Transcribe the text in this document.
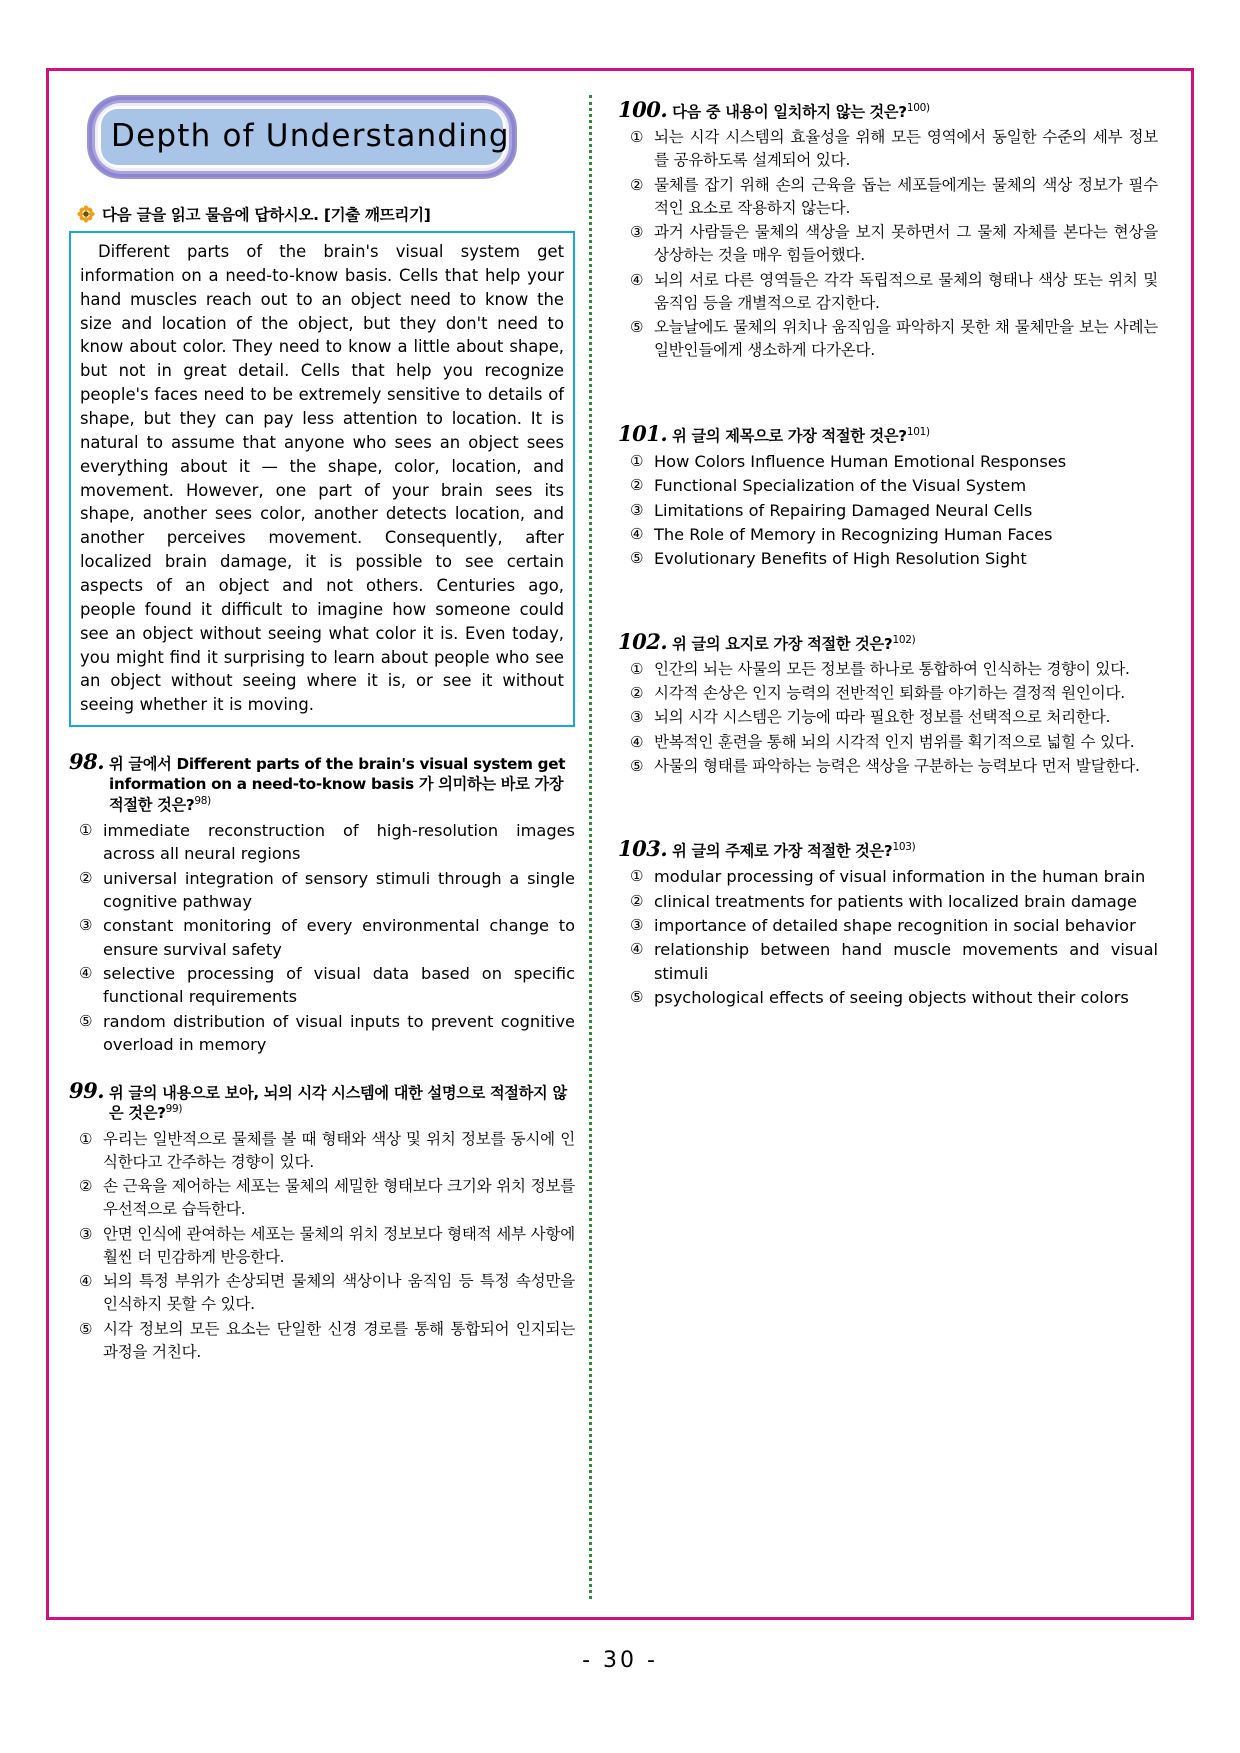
Depth of Understanding
다음 글을 읽고 물음에 답하시오. [기출 깨뜨리기]
Different parts of the brain's visual system get information on a need-to-know basis. Cells that help your hand muscles reach out to an object need to know the size and location of the object, but they don't need to know about color. They need to know a little about shape, but not in great detail. Cells that help you recognize people's faces need to be extremely sensitive to details of shape, but they can pay less attention to location. It is natural to assume that anyone who sees an object sees everything about it — the shape, color, location, and movement. However, one part of your brain sees its shape, another sees color, another detects location, and another perceives movement. Consequently, after localized brain damage, it is possible to see certain aspects of an object and not others. Centuries ago, people found it difficult to imagine how someone could see an object without seeing what color it is. Even today, you might find it surprising to learn about people who see an object without seeing where it is, or see it without seeing whether it is moving.
98. 위 글에서 Different parts of the brain's visual system get information on a need-to-know basis 가 의미하는 바로 가장 적절한 것은?$^{98)}$
① immediate reconstruction of high-resolution images across all neural regions
② universal integration of sensory stimuli through a single cognitive pathway
③ constant monitoring of every environmental change to ensure survival safety
④ selective processing of visual data based on specific functional requirements
⑤ random distribution of visual inputs to prevent cognitive overload in memory
99. 위 글의 내용으로 보아, 뇌의 시각 시스템에 대한 설명으로 적절하지 않은 것은?$^{99)}$
① 우리는 일반적으로 물체를 볼 때 형태와 색상 및 위치 정보를 동시에 인식한다고 간주하는 경향이 있다.
② 손 근육을 제어하는 세포는 물체의 세밀한 형태보다 크기와 위치 정보를 우선적으로 습득한다.
③ 안면 인식에 관여하는 세포는 물체의 위치 정보보다 형태적 세부 사항에 훨씬 더 민감하게 반응한다.
④ 뇌의 특정 부위가 손상되면 물체의 색상이나 움직임 등 특정 속성만을 인식하지 못할 수 있다.
⑤ 시각 정보의 모든 요소는 단일한 신경 경로를 통해 통합되어 인지되는 과정을 거친다.
100. 다음 중 내용이 일치하지 않는 것은?$^{100)}$
① 뇌는 시각 시스템의 효율성을 위해 모든 영역에서 동일한 수준의 세부 정보를 공유하도록 설계되어 있다.
② 물체를 잡기 위해 손의 근육을 돕는 세포들에게는 물체의 색상 정보가 필수적인 요소로 작용하지 않는다.
③ 과거 사람들은 물체의 색상을 보지 못하면서 그 물체 자체를 본다는 현상을 상상하는 것을 매우 힘들어했다.
④ 뇌의 서로 다른 영역들은 각각 독립적으로 물체의 형태나 색상 또는 위치 및 움직임 등을 개별적으로 감지한다.
⑤ 오늘날에도 물체의 위치나 움직임을 파악하지 못한 채 물체만을 보는 사례는 일반인들에게 생소하게 다가온다.
101. 위 글의 제목으로 가장 적절한 것은?$^{101)}$
① How Colors Influence Human Emotional Responses
② Functional Specialization of the Visual System
③ Limitations of Repairing Damaged Neural Cells
④ The Role of Memory in Recognizing Human Faces
⑤ Evolutionary Benefits of High Resolution Sight
102. 위 글의 요지로 가장 적절한 것은?$^{102)}$
① 인간의 뇌는 사물의 모든 정보를 하나로 통합하여 인식하는 경향이 있다.
② 시각적 손상은 인지 능력의 전반적인 퇴화를 야기하는 결정적 원인이다.
③ 뇌의 시각 시스템은 기능에 따라 필요한 정보를 선택적으로 처리한다.
④ 반복적인 훈련을 통해 뇌의 시각적 인지 범위를 획기적으로 넓힐 수 있다.
⑤ 사물의 형태를 파악하는 능력은 색상을 구분하는 능력보다 먼저 발달한다.
103. 위 글의 주제로 가장 적절한 것은?$^{103)}$
① modular processing of visual information in the human brain
② clinical treatments for patients with localized brain damage
③ importance of detailed shape recognition in social behavior
④ relationship between hand muscle movements and visual stimuli
⑤ psychological effects of seeing objects without their colors
- 30 -
